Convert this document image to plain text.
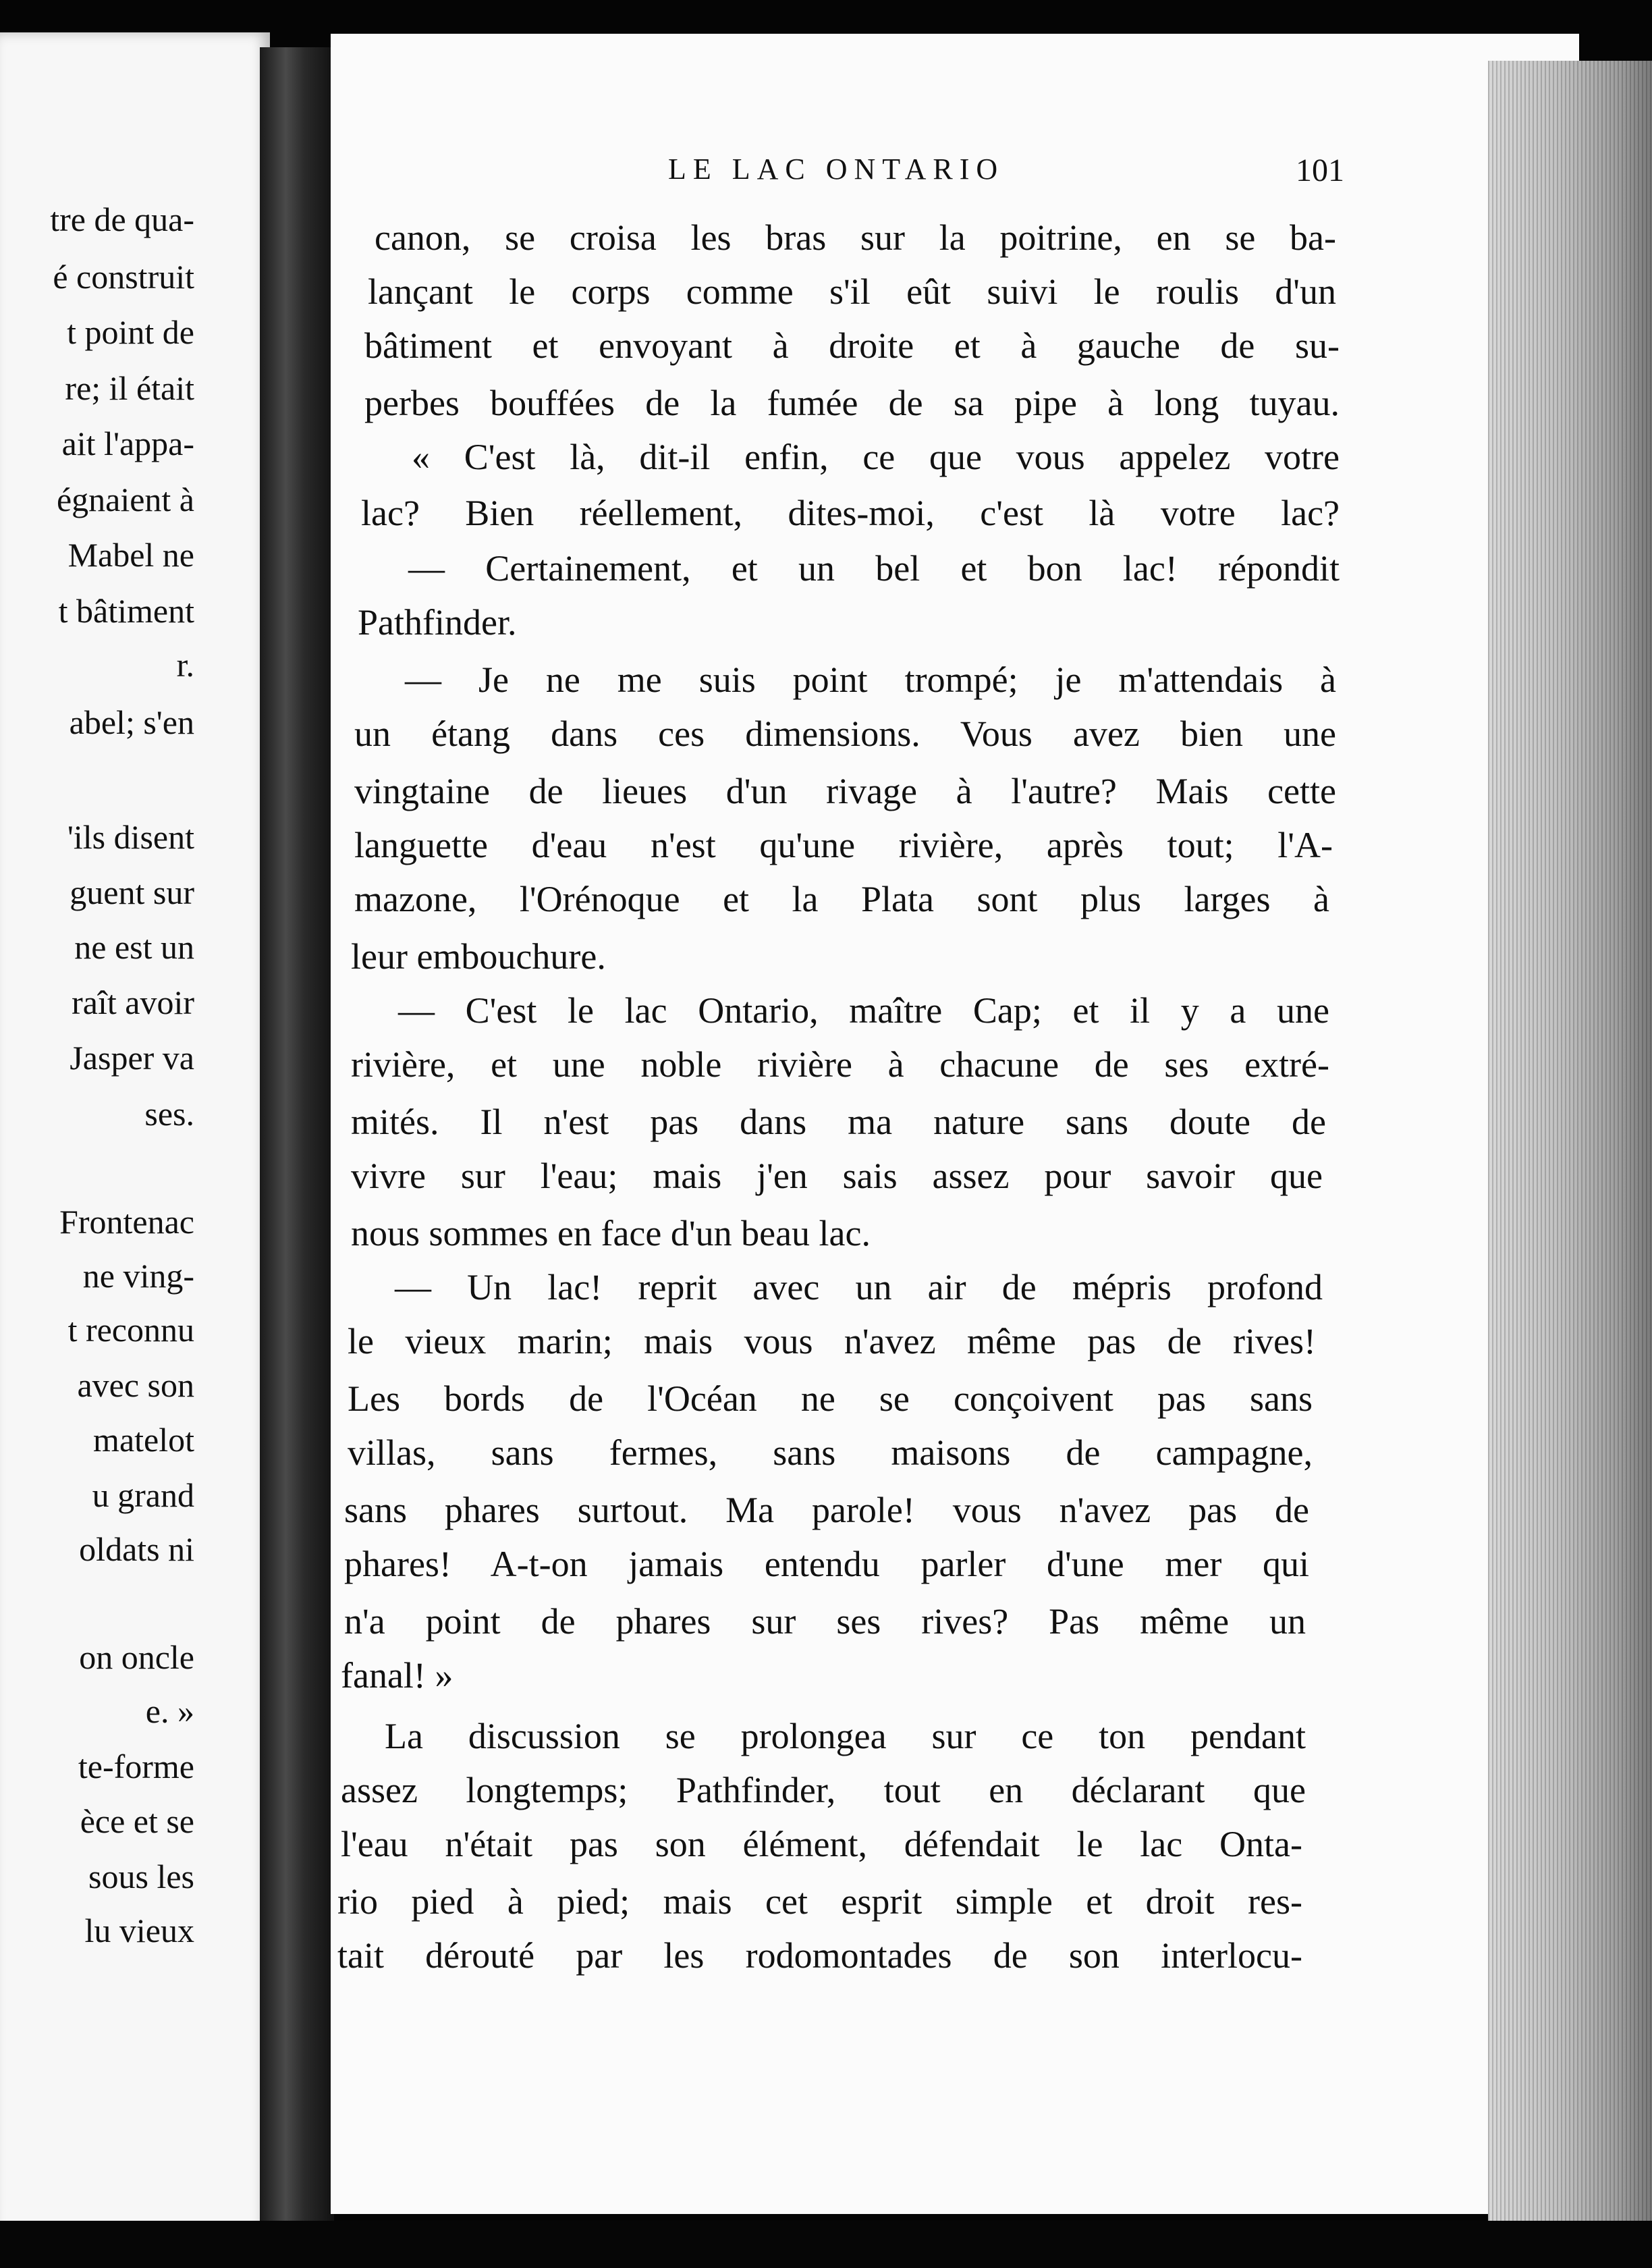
tre de qua-
é construit
t point de
re; il était
ait l'appa-
égnaient à
Mabel ne
t bâtiment
r.
abel; s'en
'ils disent
guent sur
ne est un
raît avoir
Jasper va
ses.
Frontenac
ne ving-
t reconnu
avec son
matelot
u grand
oldats ni
on oncle
e. »
te-forme
èce et se
sous les
lu vieux
LE LAC ONTARIO	101
canon, se croisa les bras sur la poitrine, en se ba-
lançant le corps comme s'il eût suivi le roulis d'un
bâtiment et envoyant à droite et à gauche de su-
perbes bouffées de la fumée de sa pipe à long tuyau.
« C'est là, dit-il enfin, ce que vous appelez votre
lac? Bien réellement, dites-moi, c'est là votre lac?
— Certainement, et un bel et bon lac! répondit
Pathfinder.
— Je ne me suis point trompé; je m'attendais à
un étang dans ces dimensions. Vous avez bien une
vingtaine de lieues d'un rivage à l'autre? Mais cette
languette d'eau n'est qu'une rivière, après tout; l'A-
mazone, l'Orénoque et la Plata sont plus larges à
leur embouchure.
— C'est le lac Ontario, maître Cap; et il y a une
rivière, et une noble rivière à chacune de ses extré-
mités. Il n'est pas dans ma nature sans doute de
vivre sur l'eau; mais j'en sais assez pour savoir que
nous sommes en face d'un beau lac.
— Un lac! reprit avec un air de mépris profond
le vieux marin; mais vous n'avez même pas de rives!
Les bords de l'Océan ne se conçoivent pas sans
villas, sans fermes, sans maisons de campagne,
sans phares surtout. Ma parole! vous n'avez pas de
phares! A-t-on jamais entendu parler d'une mer qui
n'a point de phares sur ses rives? Pas même un
fanal! »
La discussion se prolongea sur ce ton pendant
assez longtemps; Pathfinder, tout en déclarant que
l'eau n'était pas son élément, défendait le lac Onta-
rio pied à pied; mais cet esprit simple et droit res-
tait dérouté par les rodomontades de son interlocu-
